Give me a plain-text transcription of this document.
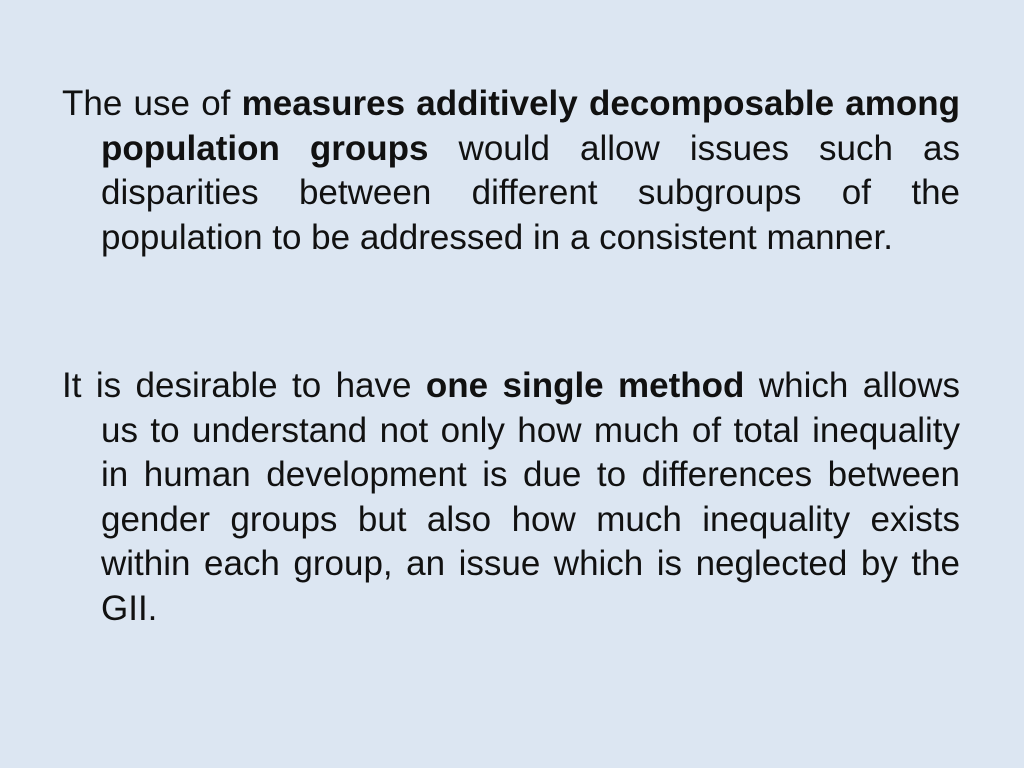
The use of measures additively decomposable among population groups would allow issues such as disparities between different subgroups of the population to be addressed in a consistent manner.

It is desirable to have one single method which allows us to understand not only how much of total inequality in human development is due to differences between gender groups but also how much inequality exists within each group, an issue which is neglected by the GII.
